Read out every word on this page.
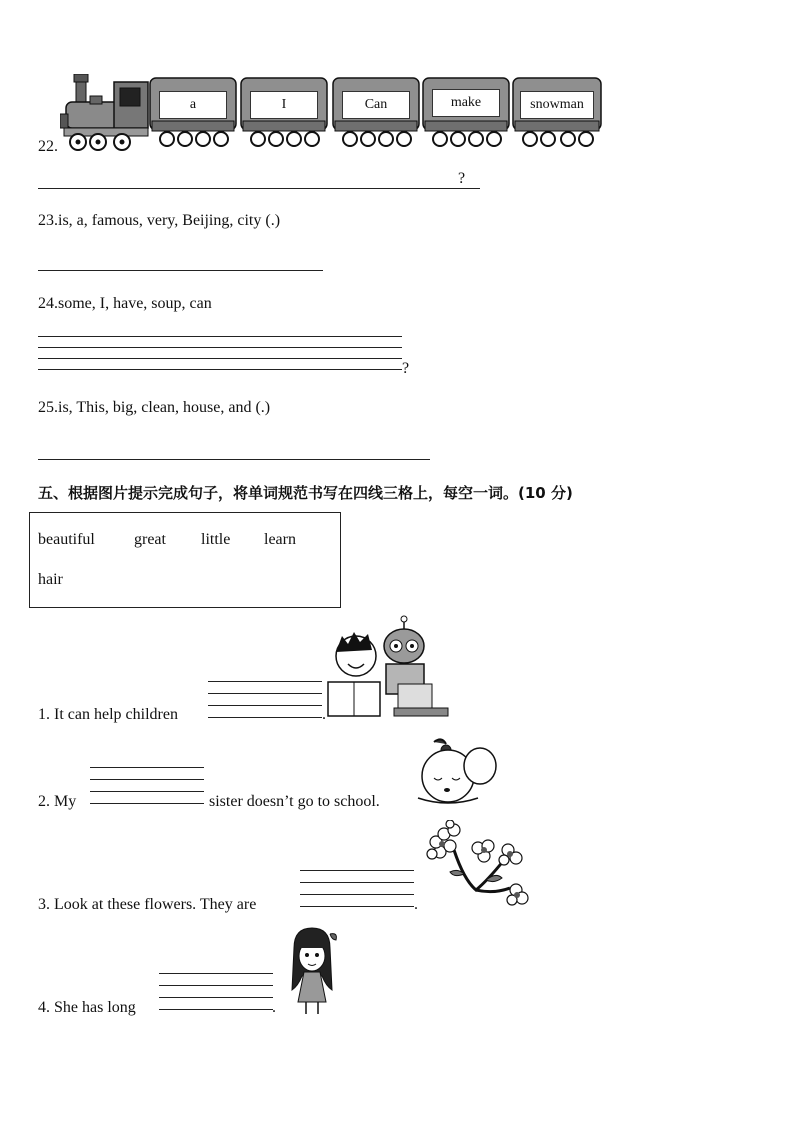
22.
a	I	Can	make	snowman
?
23.is, a, famous, very, Beijing, city (.)
24.some, I, have, soup, can
?
25.is, This, big, clean, house, and (.)
五、根据图片提示完成句子，将单词规范书写在四线三格上，每空一词。(10 分)
beautiful great little learn
hair
1. It can help children	.
2. My	sister doesn’t go to school.
3. Look at these flowers. They are	.
4. She has long	.
